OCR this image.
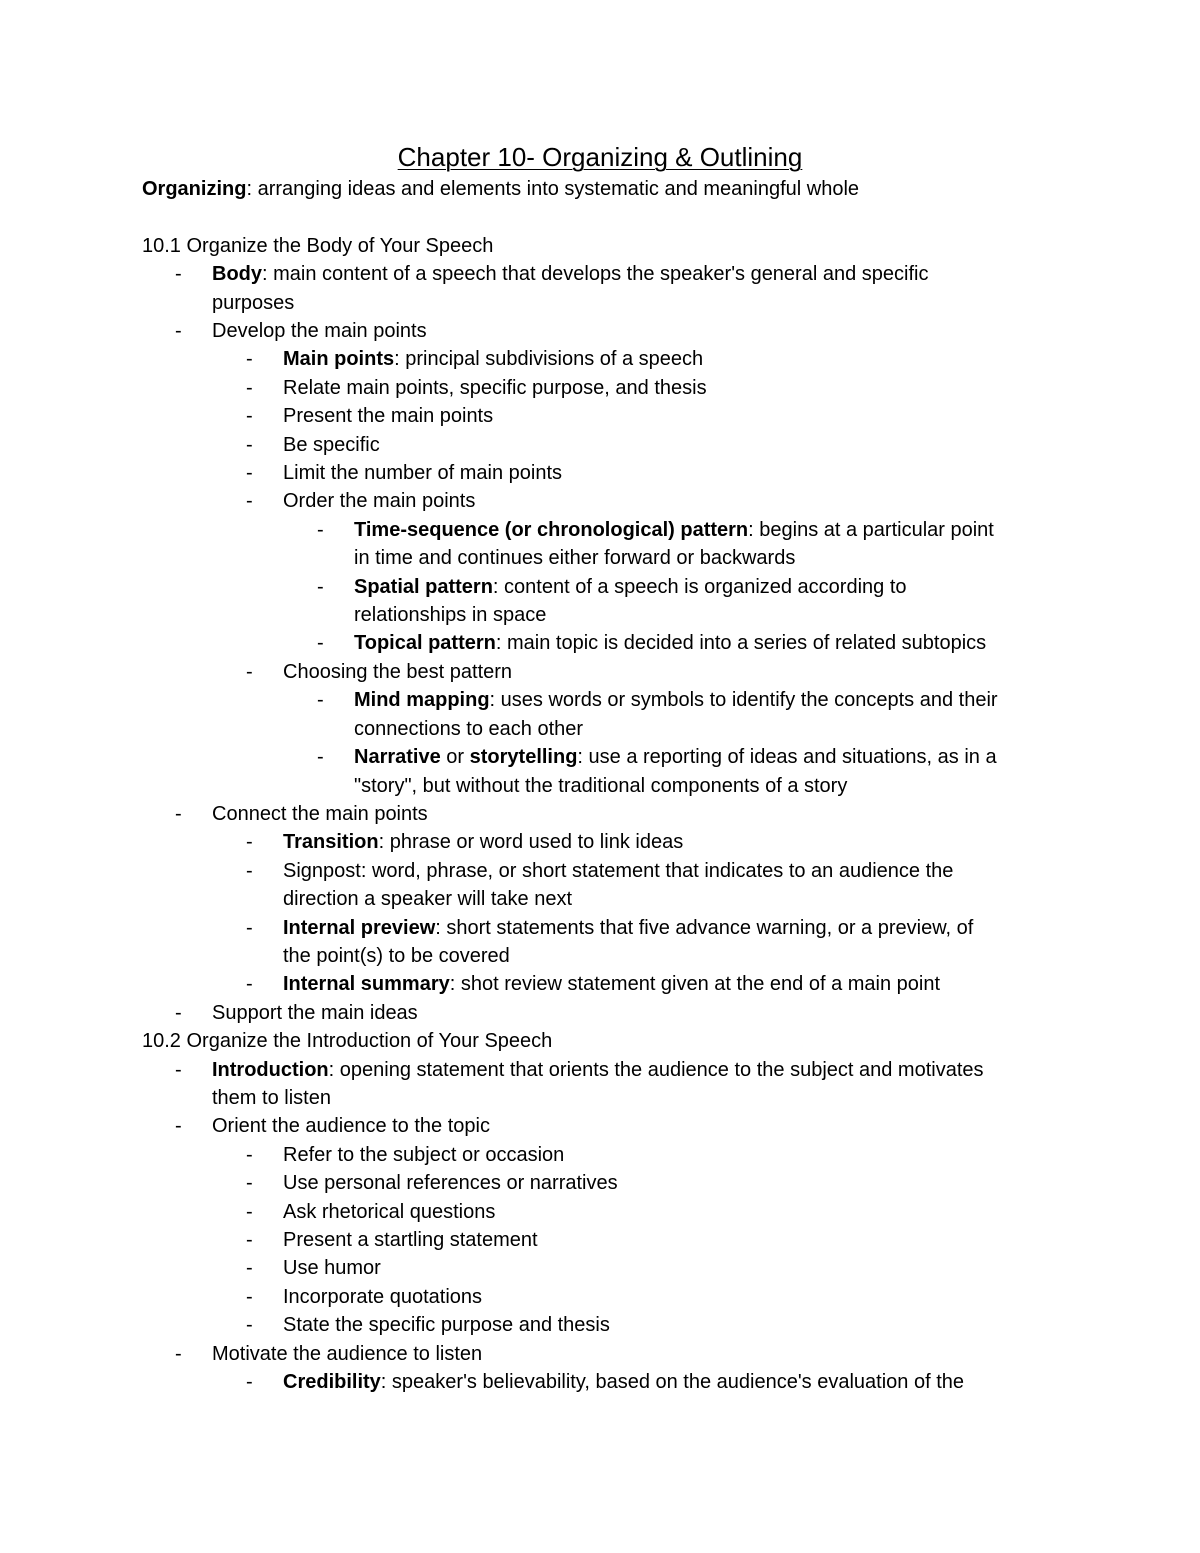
Chapter 10- Organizing & Outlining
Organizing: arranging ideas and elements into systematic and meaningful whole
10.1 Organize the Body of Your Speech
- Body: main content of a speech that develops the speaker's general and specific
purposes
- Develop the main points
- Main points: principal subdivisions of a speech
- Relate main points, specific purpose, and thesis
- Present the main points
- Be specific
- Limit the number of main points
- Order the main points
- Time-sequence (or chronological) pattern: begins at a particular point
in time and continues either forward or backwards
- Spatial pattern: content of a speech is organized according to
relationships in space
- Topical pattern: main topic is decided into a series of related subtopics
- Choosing the best pattern
- Mind mapping: uses words or symbols to identify the concepts and their
connections to each other
- Narrative or storytelling: use a reporting of ideas and situations, as in a
"story", but without the traditional components of a story
- Connect the main points
- Transition: phrase or word used to link ideas
- Signpost: word, phrase, or short statement that indicates to an audience the
direction a speaker will take next
- Internal preview: short statements that five advance warning, or a preview, of
the point(s) to be covered
- Internal summary: shot review statement given at the end of a main point
- Support the main ideas
10.2 Organize the Introduction of Your Speech
- Introduction: opening statement that orients the audience to the subject and motivates
them to listen
- Orient the audience to the topic
- Refer to the subject or occasion
- Use personal references or narratives
- Ask rhetorical questions
- Present a startling statement
- Use humor
- Incorporate quotations
- State the specific purpose and thesis
- Motivate the audience to listen
- Credibility: speaker's believability, based on the audience's evaluation of the
